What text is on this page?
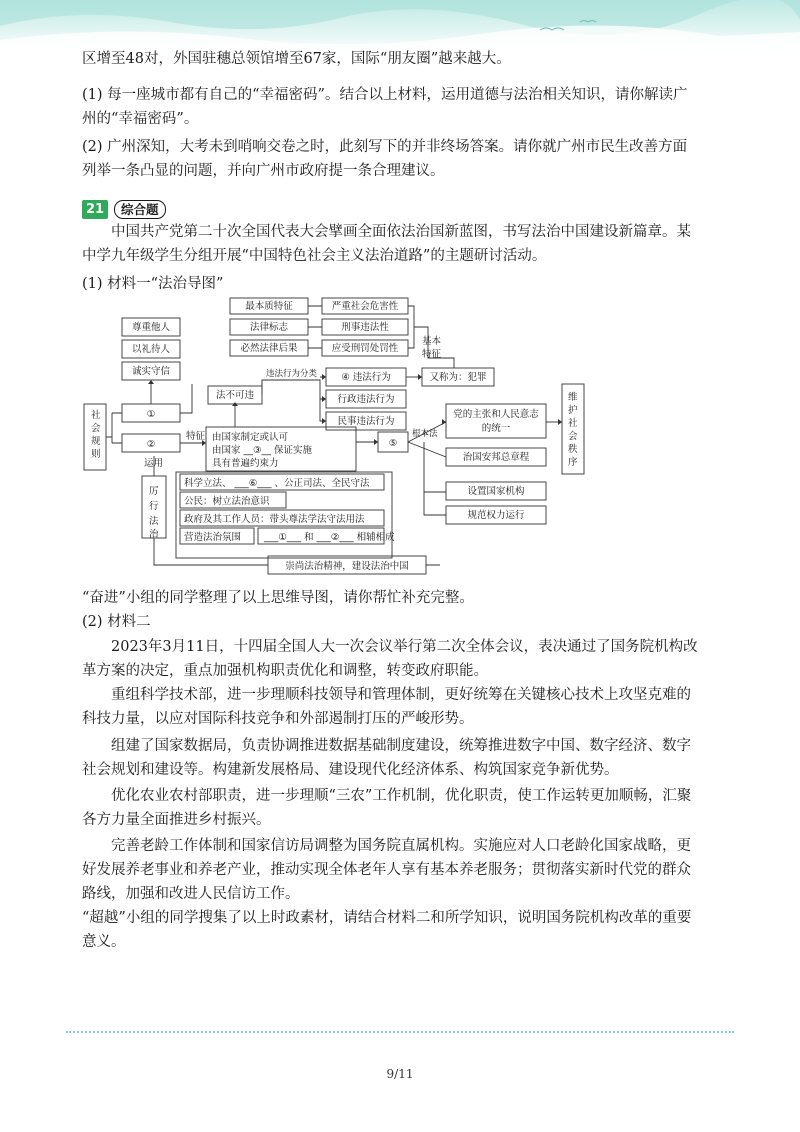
区增至48对，外国驻穗总领馆增至67家，国际“朋友圈”越来越大。
(1) 每一座城市都有自己的“幸福密码”。结合以上材料，运用道德与法治相关知识，请你解读广
州的“幸福密码”。
(2) 广州深知，大考未到哨响交卷之时，此刻写下的并非终场答案。请你就广州市民生改善方面
列举一条凸显的问题，并向广州市政府提一条合理建议。
21	综合题
中国共产党第二十次全国代表大会擘画全面依法治国新蓝图，书写法治中国建设新篇章。某
中学九年级学生分组开展“中国特色社会主义法治道路”的主题研讨活动。
(1) 材料一“法治导图”
社会规则
尊重他人
以礼待人
诚实守信
①
②
特征
运用
由国家制定或认可
由国家 __③__ 保证实施
具有普遍约束力
法不可违
违法行为分类	④ 违法行为
行政违法行为
民事违法行为
又称为：犯罪
最本质特征
法律标志
必然法律后果
严重社会危害性
刑事违法性
应受刑罚处罚性
基本
特征
⑤
根本法
党的主张和人民意志
的统一
治国安邦总章程
设置国家机构
规范权力运行
维护社会秩序
厉行法治
科学立法、 ___⑥___ 、公正司法、全民守法
公民：树立法治意识
政府及其工作人员：带头尊法学法守法用法
营造法治氛围 ___①___ 和 ___②___ 相辅相成
崇尚法治精神，建设法治中国
“奋进”小组的同学整理了以上思维导图，请你帮忙补充完整。
(2) 材料二
2023年3月11日，十四届全国人大一次会议举行第二次全体会议，表决通过了国务院机构改
革方案的决定，重点加强机构职责优化和调整，转变政府职能。
重组科学技术部，进一步理顺科技领导和管理体制，更好统筹在关键核心技术上攻坚克难的
科技力量，以应对国际科技竞争和外部遏制打压的严峻形势。
组建了国家数据局，负责协调推进数据基础制度建设，统筹推进数字中国、数字经济、数字
社会规划和建设等。构建新发展格局、建设现代化经济体系、构筑国家竞争新优势。
优化农业农村部职责，进一步理顺“三农”工作机制，优化职责，使工作运转更加顺畅，汇聚
各方力量全面推进乡村振兴。
完善老龄工作体制和国家信访局调整为国务院直属机构。实施应对人口老龄化国家战略，更
好发展养老事业和养老产业，推动实现全体老年人享有基本养老服务；贯彻落实新时代党的群众
路线，加强和改进人民信访工作。
“超越”小组的同学搜集了以上时政素材，请结合材料二和所学知识，说明国务院机构改革的重要
意义。
9/11
